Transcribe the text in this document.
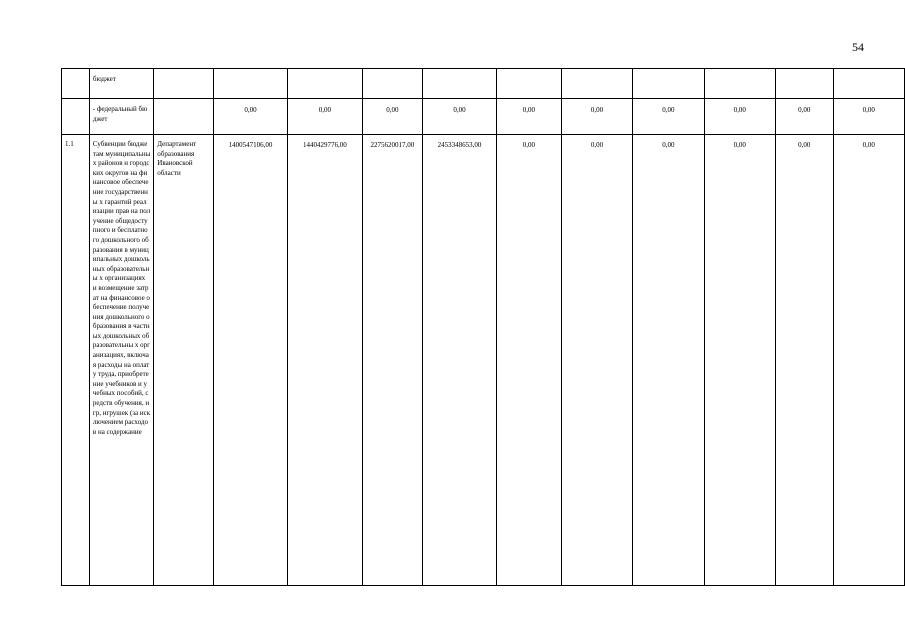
54
	бюджет											
	- федеральный бюджет		0,00	0,00	0,00	0,00	0,00	0,00	0,00	0,00	0,00	0,00
1.1	Субвенции бюджетам муниципальных районов и городских округов на финансовое обеспечение государственны х гарантий реализации прав на получение общедоступного и бесплатного дошкольного образования в муниципальных дошкольных образовательны х организациях и возмещение затрат на финансовое обеспечение получения дошкольного образования в частных дошкольных образовательны х организациях, включая расходы на оплату труда, приобретение учебников и учебных пособий, средств обучения, игр, игрушек (за исключением расходов на содержание	Департамент образования Ивановской области	1400547106,00	1440429776,00	2275620017,00	2453348653,00	0,00	0,00	0,00	0,00	0,00	0,00
